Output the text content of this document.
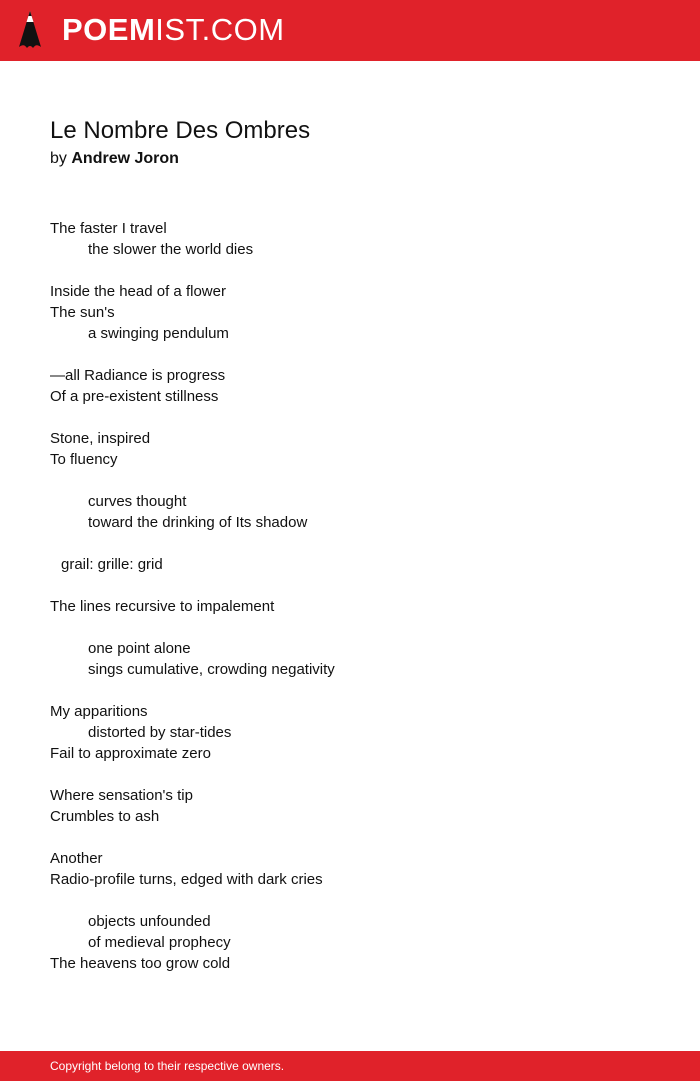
POEMIST.COM
Le Nombre Des Ombres
by Andrew Joron
The faster I travel
the slower the world dies
Inside the head of a flower
The sun's
a swinging pendulum
—all Radiance is progress
Of a pre-existent stillness
Stone, inspired
To fluency
curves thought
toward the drinking of Its shadow
grail: grille: grid
The lines recursive to impalement
one point alone
sings cumulative, crowding negativity
My apparitions
distorted by star-tides
Fail to approximate zero
Where sensation's tip
Crumbles to ash
Another
Radio-profile turns, edged with dark cries
objects unfounded
of medieval prophecy
The heavens too grow cold
Copyright belong to their respective owners.
